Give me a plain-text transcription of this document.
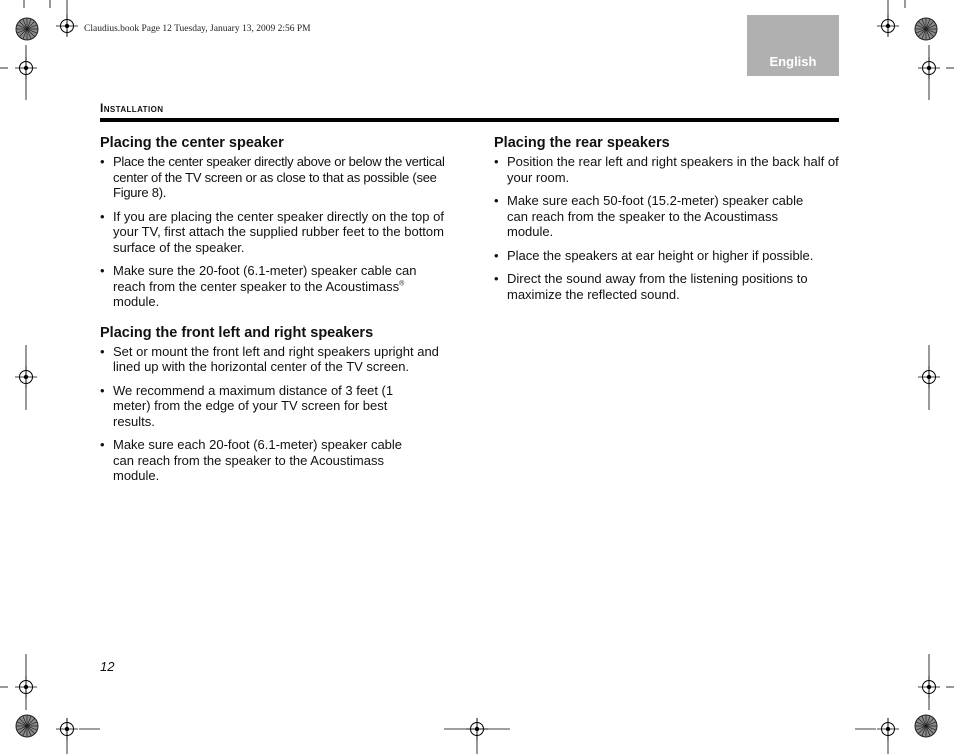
Claudius.book Page 12 Tuesday, January 13, 2009 2:56 PM
English
Installation
Placing the center speaker
• Place the center speaker directly above or below the vertical center of the TV screen or as close to that as possible (see Figure 8).
• If you are placing the center speaker directly on the top of your TV, first attach the supplied rubber feet to the bottom surface of the speaker.
• Make sure the 20-foot (6.1-meter) speaker cable can reach from the center speaker to the Acoustimass® module.
Placing the front left and right speakers
• Set or mount the front left and right speakers upright and lined up with the horizontal center of the TV screen.
• We recommend a maximum distance of 3 feet (1 meter) from the edge of your TV screen for best results.
• Make sure each 20-foot (6.1-meter) speaker cable can reach from the speaker to the Acoustimass module.
Placing the rear speakers
• Position the rear left and right speakers in the back half of your room.
• Make sure each 50-foot (15.2-meter) speaker cable can reach from the speaker to the Acoustimass module.
• Place the speakers at ear height or higher if possible.
• Direct the sound away from the listening positions to maximize the reflected sound.
12
